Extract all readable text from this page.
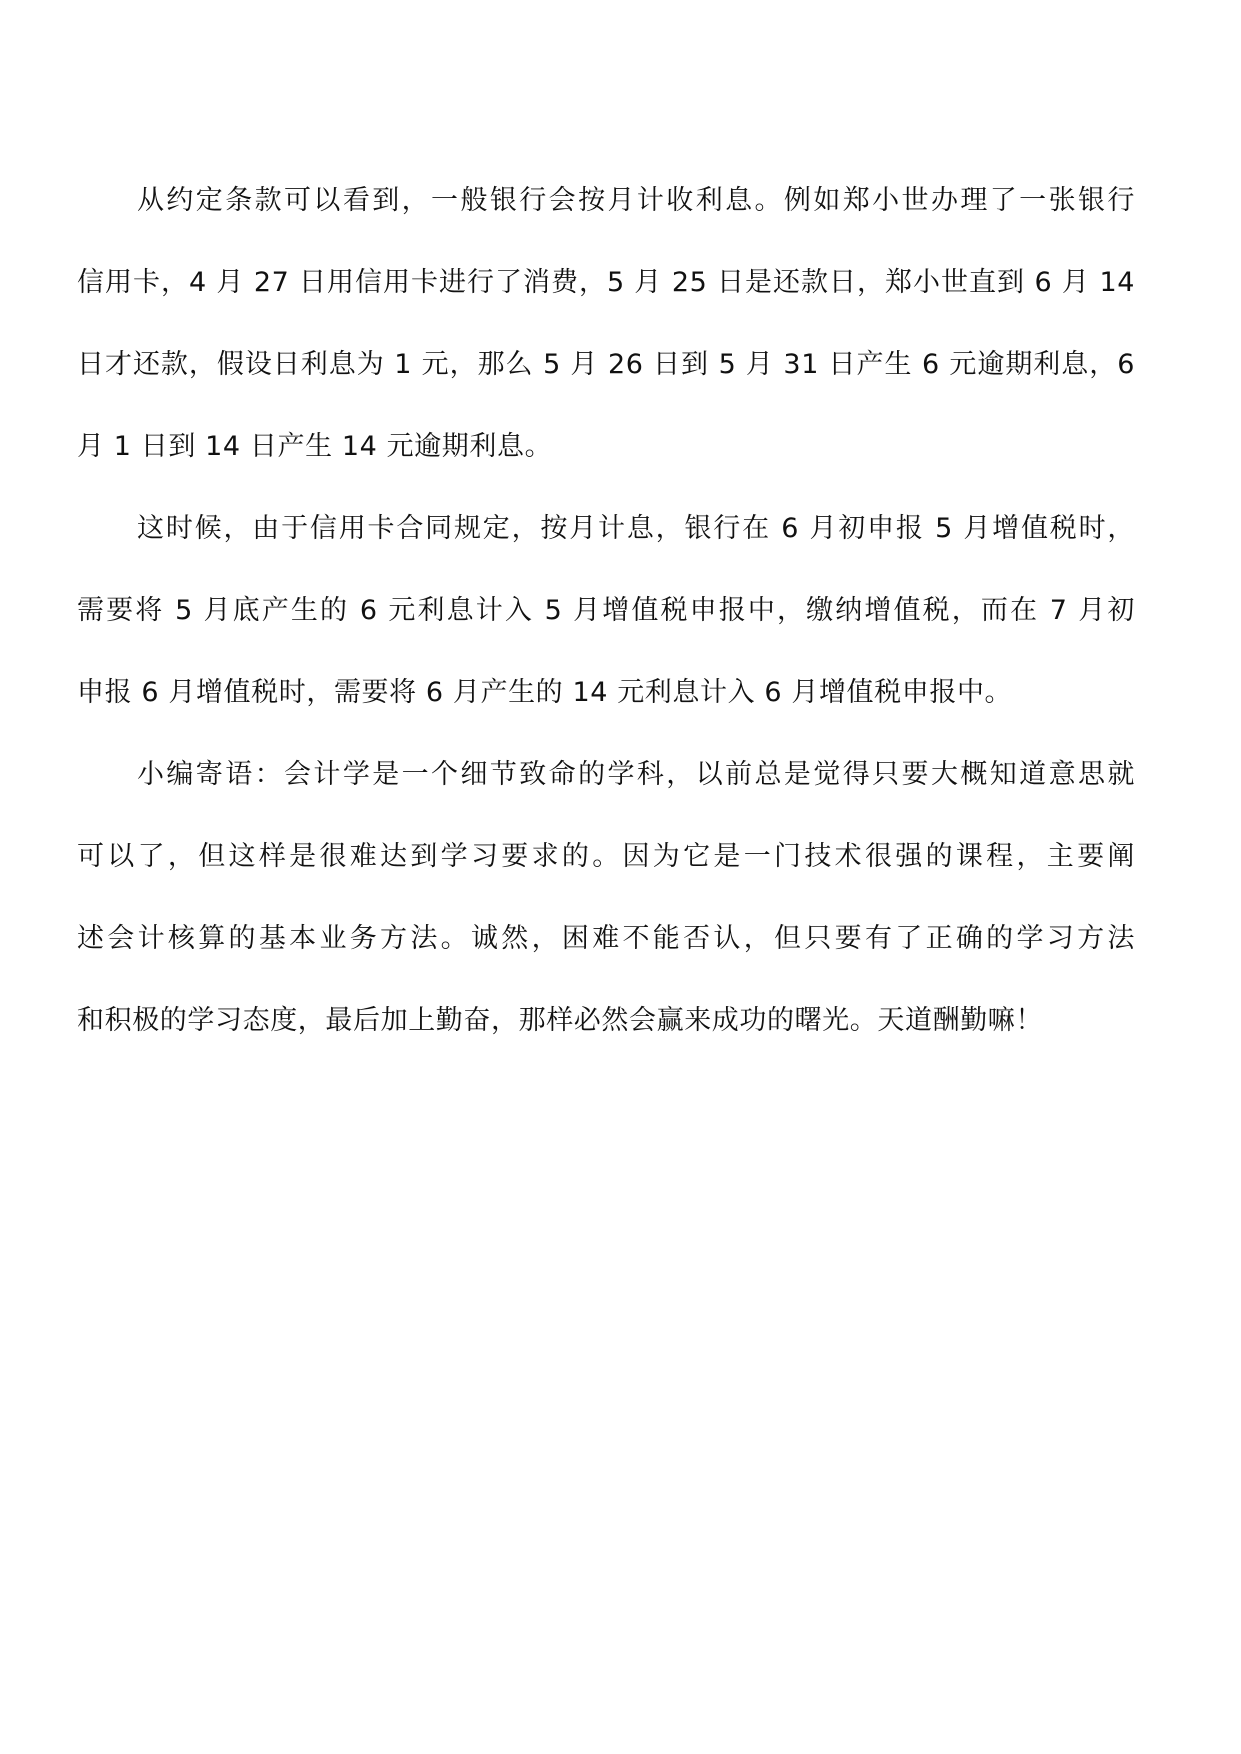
从约定条款可以看到，一般银行会按月计收利息。例如郑小世办理了一张银行
信用卡，4 月 27 日用信用卡进行了消费，5 月 25 日是还款日，郑小世直到 6 月 14
日才还款，假设日利息为 1 元，那么 5 月 26 日到 5 月 31 日产生 6 元逾期利息，6
月 1 日到 14 日产生 14 元逾期利息。

这时候，由于信用卡合同规定，按月计息，银行在 6 月初申报 5 月增值税时，
需要将 5 月底产生的 6 元利息计入 5 月增值税申报中，缴纳增值税，而在 7 月初
申报 6 月增值税时，需要将 6 月产生的 14 元利息计入 6 月增值税申报中。

小编寄语：会计学是一个细节致命的学科，以前总是觉得只要大概知道意思就
可以了，但这样是很难达到学习要求的。因为它是一门技术很强的课程，主要阐
述会计核算的基本业务方法。诚然，困难不能否认，但只要有了正确的学习方法
和积极的学习态度，最后加上勤奋，那样必然会赢来成功的曙光。天道酬勤嘛！
